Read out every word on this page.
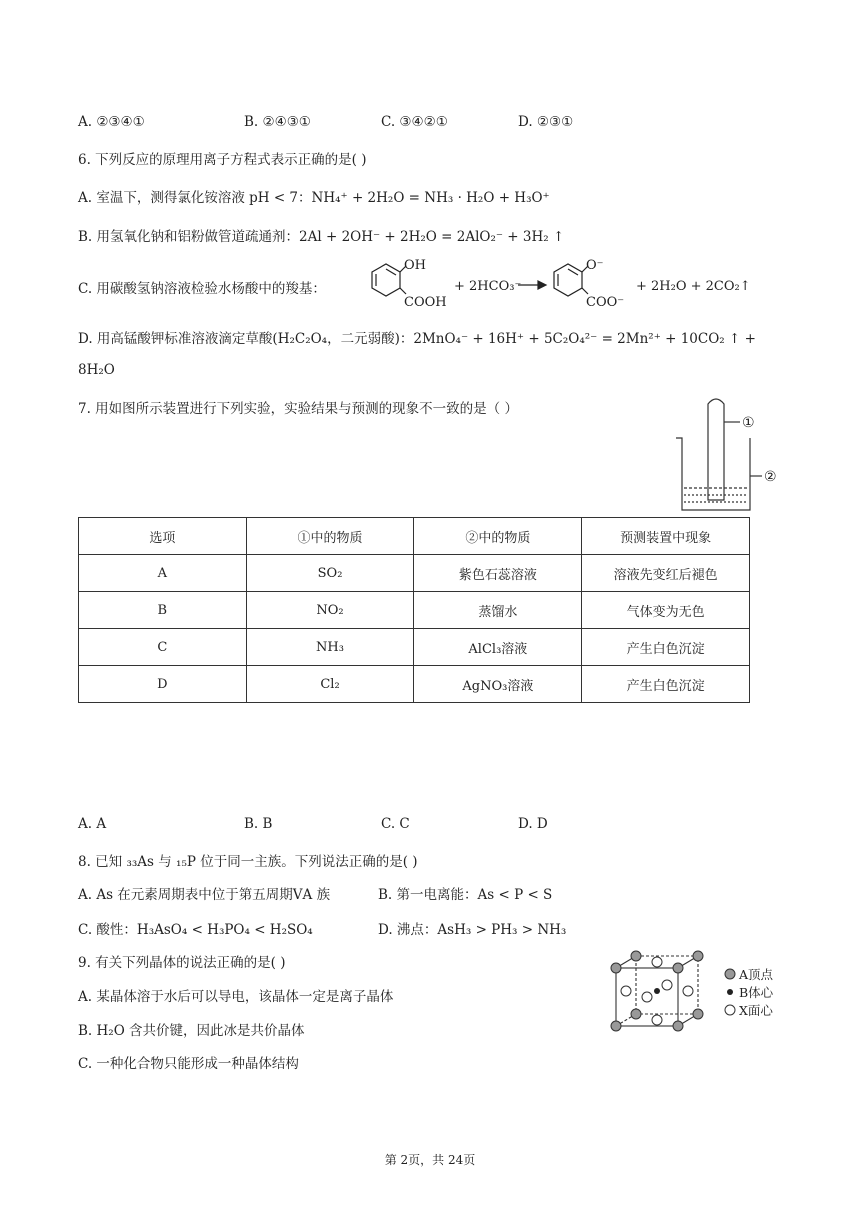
A. ②③④①	B. ②④③①	C. ③④②①	D. ②③①
6. 下列反应的原理用离子方程式表示正确的是( )
A. 室温下，测得氯化铵溶液 pH < 7：NH₄⁺ + 2H₂O = NH₃ · H₂O + H₃O⁺
B. 用氢氧化钠和铝粉做管道疏通剂：2Al + 2OH⁻ + 2H₂O = 2AlO₂⁻ + 3H₂ ↑
C. 用碳酸氢钠溶液检验水杨酸中的羧基：
OH
COOH
+ 2HCO₃⁻
O⁻
COO⁻
+ 2H₂O + 2CO₂↑
D. 用高锰酸钾标准溶液滴定草酸(H₂C₂O₄，二元弱酸)：2MnO₄⁻ + 16H⁺ + 5C₂O₄²⁻ = 2Mn²⁺ + 10CO₂ ↑ +
8H₂O
7. 用如图所示装置进行下列实验，实验结果与预测的现象不一致的是（ ）
①
②
选项	①中的物质	②中的物质	预测装置中现象
A	SO₂	紫色石蕊溶液	溶液先变红后褪色
B	NO₂	蒸馏水	气体变为无色
C	NH₃	AlCl₃溶液	产生白色沉淀
D	Cl₂	AgNO₃溶液	产生白色沉淀
A. A	B. B	C. C	D. D
8. 已知 ₃₃As 与 ₁₅P 位于同一主族。下列说法正确的是( )
A. As 在元素周期表中位于第五周期ⅤA 族	B. 第一电离能：As < P < S
C. 酸性：H₃AsO₄ < H₃PO₄ < H₂SO₄	D. 沸点：AsH₃ > PH₃ > NH₃
9. 有关下列晶体的说法正确的是( )
A. 某晶体溶于水后可以导电，该晶体一定是离子晶体
B. H₂O 含共价键，因此冰是共价晶体
C. 一种化合物只能形成一种晶体结构
A顶点
B体心
X面心
第 2页，共 24页
